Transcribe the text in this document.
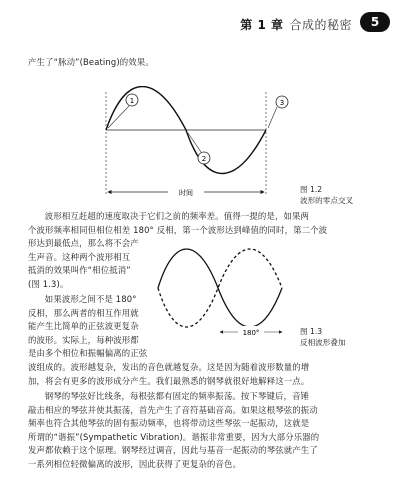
第 1 章 合成的秘密	5
产生了“脉动”(Beating)的效果。
1
2
3
时间	图 1.2
波形的零点交叉
波形相互赶超的速度取决于它们之前的频率差。值得一提的是，如果两
个波形频率相同但相位相差 180° 反相，第一个波形达到峰值的同时，第二个波
形达到最低点，那么将不会产
生声音。这种两个波形相互
抵消的效果叫作“相位抵消”
(图 1.3)。
如果波形之间不是 180°
反相，那么两者的相互作用就
能产生比简单的正弦波更复杂
的波形。实际上，每种波形都
是由多个相位和振幅偏离的正弦
波组成的。波形越复杂，发出的音色就越复杂。这是因为随着波形数量的增
加，将会有更多的波形成分产生。我们最熟悉的钢琴就很好地解释这一点。
180°	图 1.3
反相波形叠加
钢琴的琴弦好比线条，每根弦都有固定的频率振荡。按下琴键后，音锤
敲击相应的琴弦并使其振荡，首先产生了音符基础音高。如果这根琴弦的振动
频率也符合其他琴弦的固有振动频率，也将带动这些琴弦一起振动，这就是
所谓的“谐振”(Sympathetic Vibration)。谐振非常重要，因为大部分乐器的
发声都依赖于这个原理。钢琴经过调音，因此与基音一起振动的琴弦就产生了
一系列相位轻微偏离的波形，因此获得了更复杂的音色。
